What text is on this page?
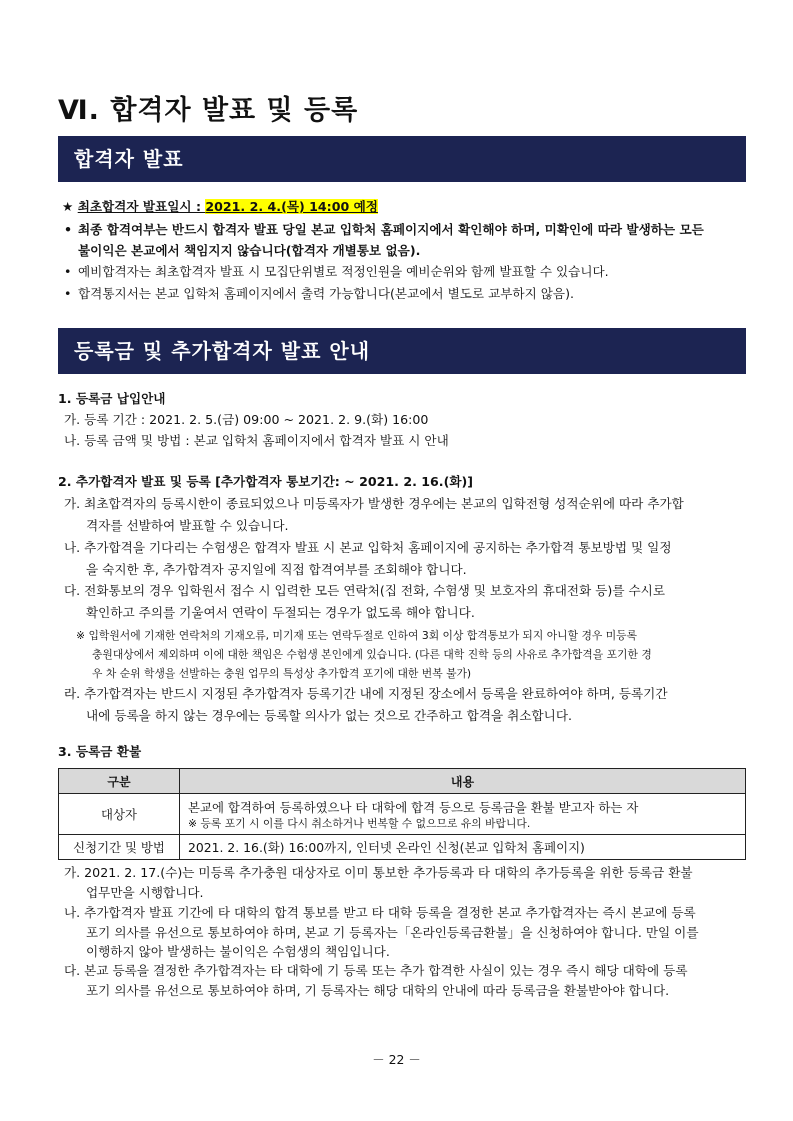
Ⅵ. 합격자 발표 및 등록
합격자 발표
★ 최초합격자 발표일시 : 2021. 2. 4.(목) 14:00 예정
• 최종 합격여부는 반드시 합격자 발표 당일 본교 입학처 홈페이지에서 확인해야 하며, 미확인에 따라 발생하는 모든
불이익은 본교에서 책임지지 않습니다(합격자 개별통보 없음).
• 예비합격자는 최초합격자 발표 시 모집단위별로 적정인원을 예비순위와 함께 발표할 수 있습니다.
• 합격통지서는 본교 입학처 홈페이지에서 출력 가능합니다(본교에서 별도로 교부하지 않음).
등록금 및 추가합격자 발표 안내
1. 등록금 납입안내
가. 등록 기간 : 2021. 2. 5.(금) 09:00 ~ 2021. 2. 9.(화) 16:00
나. 등록 금액 및 방법 : 본교 입학처 홈페이지에서 합격자 발표 시 안내
2. 추가합격자 발표 및 등록 [추가합격자 통보기간: ~ 2021. 2. 16.(화)]
가. 최초합격자의 등록시한이 종료되었으나 미등록자가 발생한 경우에는 본교의 입학전형 성적순위에 따라 추가합
격자를 선발하여 발표할 수 있습니다.
나. 추가합격을 기다리는 수험생은 합격자 발표 시 본교 입학처 홈페이지에 공지하는 추가합격 통보방법 및 일정
을 숙지한 후, 추가합격자 공지일에 직접 합격여부를 조회해야 합니다.
다. 전화통보의 경우 입학원서 접수 시 입력한 모든 연락처(집 전화, 수험생 및 보호자의 휴대전화 등)를 수시로
확인하고 주의를 기울여서 연락이 두절되는 경우가 없도록 해야 합니다.
※ 입학원서에 기재한 연락처의 기재오류, 미기재 또는 연락두절로 인하여 3회 이상 합격통보가 되지 아니할 경우 미등록
충원대상에서 제외하며 이에 대한 책임은 수험생 본인에게 있습니다. (다른 대학 진학 등의 사유로 추가합격을 포기한 경
우 차 순위 학생을 선발하는 충원 업무의 특성상 추가합격 포기에 대한 번복 불가)
라. 추가합격자는 반드시 지정된 추가합격자 등록기간 내에 지정된 장소에서 등록을 완료하여야 하며, 등록기간
내에 등록을 하지 않는 경우에는 등록할 의사가 없는 것으로 간주하고 합격을 취소합니다.
3. 등록금 환불
구분	내용
대상자	본교에 합격하여 등록하였으나 타 대학에 합격 등으로 등록금을 환불 받고자 하는 자
※ 등록 포기 시 이를 다시 취소하거나 번복할 수 없으므로 유의 바랍니다.

신청기간 및 방법	2021. 2. 16.(화) 16:00까지, 인터넷 온라인 신청(본교 입학처 홈페이지)
가. 2021. 2. 17.(수)는 미등록 추가충원 대상자로 이미 통보한 추가등록과 타 대학의 추가등록을 위한 등록금 환불
업무만을 시행합니다.
나. 추가합격자 발표 기간에 타 대학의 합격 통보를 받고 타 대학 등록을 결정한 본교 추가합격자는 즉시 본교에 등록
포기 의사를 유선으로 통보하여야 하며, 본교 기 등록자는「온라인등록금환불」을 신청하여야 합니다. 만일 이를
이행하지 않아 발생하는 불이익은 수험생의 책임입니다.
다. 본교 등록을 결정한 추가합격자는 타 대학에 기 등록 또는 추가 합격한 사실이 있는 경우 즉시 해당 대학에 등록
포기 의사를 유선으로 통보하여야 하며, 기 등록자는 해당 대학의 안내에 따라 등록금을 환불받아야 합니다.
－ 22 －
